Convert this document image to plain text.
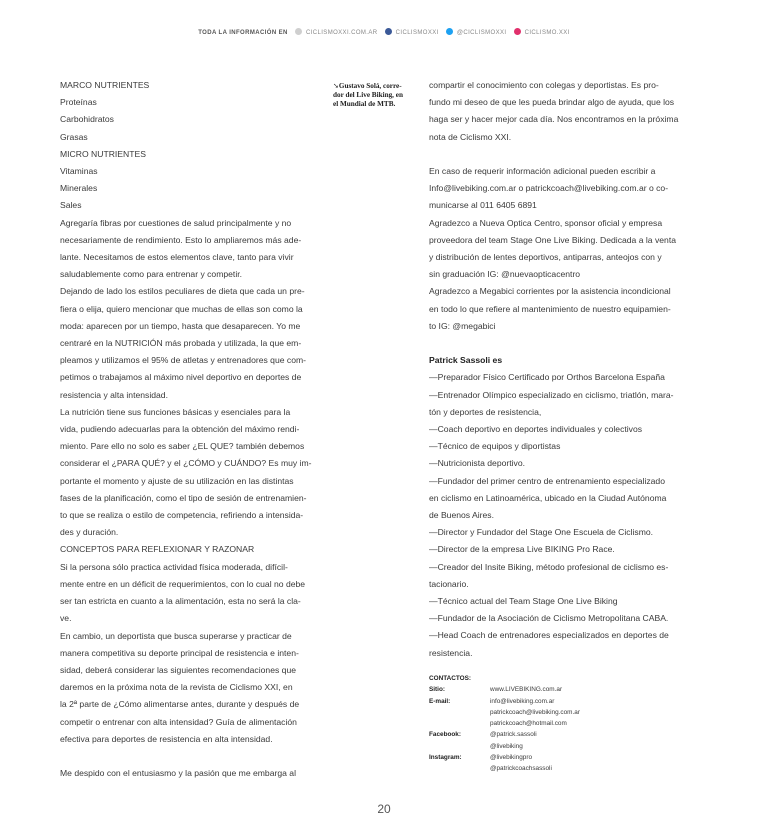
TODA LA INFORMACIÓN EN	CICLISMOXXI.COM.AR	CICLISMOXXI	@CICLISMOXXI	CICLISMO.XXI

MARCO NUTRIENTES

Proteínas

Carbohidratos

Grasas

MICRO NUTRIENTES

Vitaminas

Minerales

Sales

Agregaría fibras por cuestiones de salud principalmente y no

necesariamente de rendimiento. Esto lo ampliaremos más ade-

lante. Necesitamos de estos elementos clave, tanto para vivir

saludablemente como para entrenar y competir.

Dejando de lado los estilos peculiares de dieta que cada un pre-

fiera o elija, quiero mencionar que muchas de ellas son como la

moda: aparecen por un tiempo, hasta que desaparecen. Yo me

centraré en la NUTRICIÓN más probada y utilizada, la que em-

pleamos y utilizamos el 95% de atletas y entrenadores que com-

petimos o trabajamos al máximo nivel deportivo en deportes de

resistencia y alta intensidad.

La nutrición tiene sus funciones básicas y esenciales para la

vida, pudiendo adecuarlas para la obtención del máximo rendi-

miento. Pare ello no solo es saber ¿EL QUE? también debemos

considerar el ¿PARA QUÉ? y el ¿CÓMO y CUÁNDO? Es muy im-

portante el momento y ajuste de su utilización en las distintas

fases de la planificación, como el tipo de sesión de entrenamien-

to que se realiza o estilo de competencia, refiriendo a intensida-

des y duración.

CONCEPTOS PARA REFLEXIONAR Y RAZONAR

Si la persona sólo practica actividad física moderada, difícil-

mente entre en un déficit de requerimientos, con lo cual no debe

ser tan estricta en cuanto a la alimentación, esta no será la cla-

ve.

En cambio, un deportista que busca superarse y practicar de

manera competitiva su deporte principal de resistencia e inten-

sidad, deberá considerar las siguientes recomendaciones que

daremos en la próxima nota de la revista de Ciclismo XXI, en

la 2ª parte de ¿Cómo alimentarse antes, durante y después de

competir o entrenar con alta intensidad? Guía de alimentación

efectiva para deportes de resistencia en alta intensidad.

Me despido con el entusiasmo y la pasión que me embarga al

➘Gustavo Solá, corre-
dor del Live Biking, en
el Mundial de MTB.

compartir el conocimiento con colegas y deportistas. Es pro-

fundo mi deseo de que les pueda brindar algo de ayuda, que los

haga ser y hacer mejor cada día. Nos encontramos en la próxima

nota de Ciclismo XXI.

En caso de requerir información adicional pueden escribir a

Info@livebiking.com.ar o patrickcoach@livebiking.com.ar o co-

municarse al 011 6405 6891

Agradezco a Nueva Optica Centro, sponsor oficial y empresa

proveedora del team Stage One Live Biking. Dedicada a la venta

y distribución de lentes deportivos, antiparras, anteojos con y

sin graduación IG: @nuevaopticacentro

Agradezco a Megabici corrientes por la asistencia incondicional

en todo lo que refiere al mantenimiento de nuestro equipamien-

to IG: @megabici

Patrick Sassoli es

—Preparador Físico Certificado por Orthos Barcelona España

—Entrenador Olímpico especializado en ciclismo, triatlón, mara-

tón y deportes de resistencia,

—Coach deportivo en deportes individuales y colectivos

—Técnico de equipos y diportistas

—Nutricionista deportivo.

—Fundador del primer centro de entrenamiento especializado

en ciclismo en Latinoamérica, ubicado en la Ciudad Autónoma

de Buenos Aires.

—Director y Fundador del Stage One Escuela de Ciclismo.

—Director de la empresa Live BIKING Pro Race.

—Creador del Insite Biking, método profesional de ciclismo es-

tacionario.

—Técnico actual del Team Stage One Live Biking

—Fundador de la Asociación de Ciclismo Metropolitana CABA.

—Head Coach de entrenadores especializados en deportes de

resistencia.

CONTACTOS:
Sitio:	www.LIVEBIKING.com.ar
E-mail:	info@livebiking.com.ar
patrickcoach@livebiking.com.ar
patrickcoach@hotmail.com
Facebook:	@patrick.sassoli
@livebiking
Instagram:	@livebikingpro
@patrickcoachsassoli
20
